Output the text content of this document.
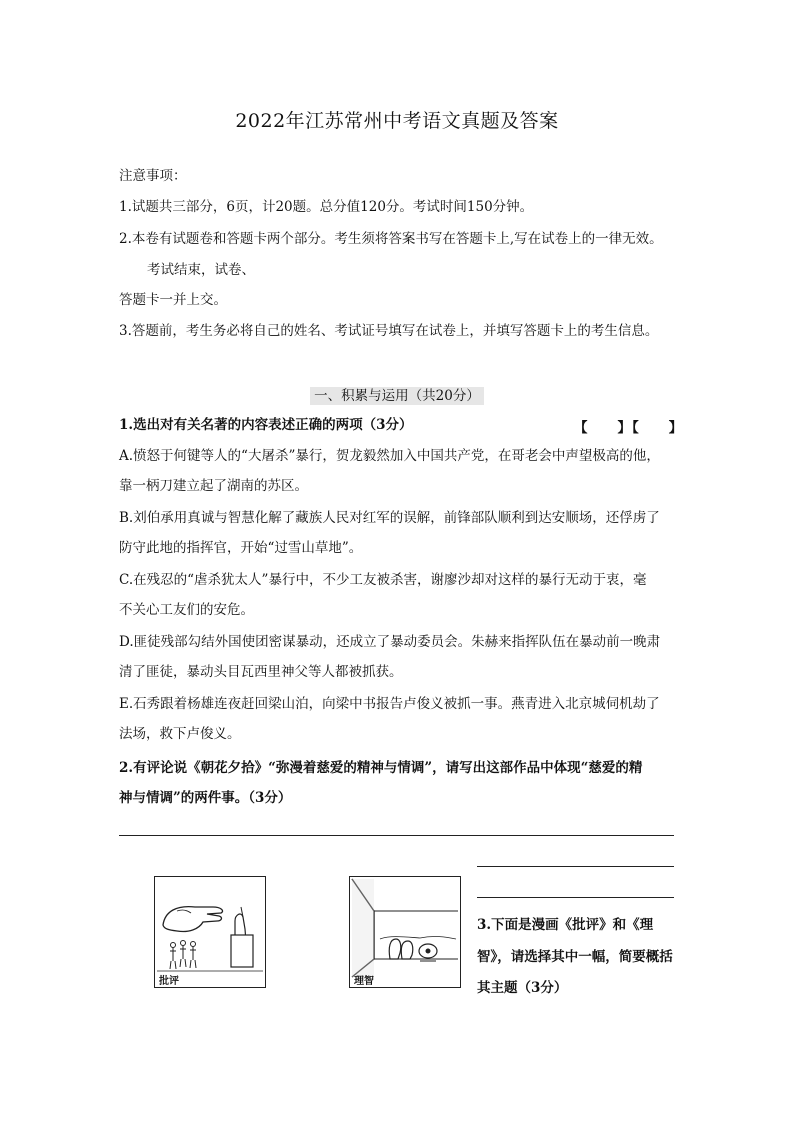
2022年江苏常州中考语文真题及答案
注意事项：
1.试题共三部分，6页，计20题。总分值120分。考试时间150分钟。
2.本卷有试题卷和答题卡两个部分。考生须将答案书写在答题卡上,写在试卷上的一律无效。
考试结束，试卷、
答题卡一并上交。
3.答题前，考生务必将自己的姓名、考试证号填写在试卷上，并填写答题卡上的考生信息。
一、积累与运用（共20分）
1.选出对有关名著的内容表述正确的两项（3分）	【　　】【　　】
A.愤怒于何键等人的“大屠杀”暴行，贺龙毅然加入中国共产党，在哥老会中声望极高的他，
靠一柄刀建立起了湖南的苏区。
B.刘伯承用真诚与智慧化解了藏族人民对红军的误解，前锋部队顺利到达安顺场，还俘虏了
防守此地的指挥官，开始“过雪山草地”。
C.在残忍的“虐杀犹太人”暴行中，不少工友被杀害，谢廖沙却对这样的暴行无动于衷，毫
不关心工友们的安危。
D.匪徒残部勾结外国使团密谋暴动，还成立了暴动委员会。朱赫来指挥队伍在暴动前一晚肃
清了匪徒，暴动头目瓦西里神父等人都被抓获。
E.石秀跟着杨雄连夜赶回梁山泊，向梁中书报告卢俊义被抓一事。燕青进入北京城伺机劫了
法场，救下卢俊义。
2.有评论说《朝花夕拾》“弥漫着慈爱的精神与情调”，请写出这部作品中体现“慈爱的精
神与情调”的两件事。（3分）
批评	理智
3.下面是漫画《批评》和《理
智》，请选择其中一幅，简要概括
其主题（3分）
